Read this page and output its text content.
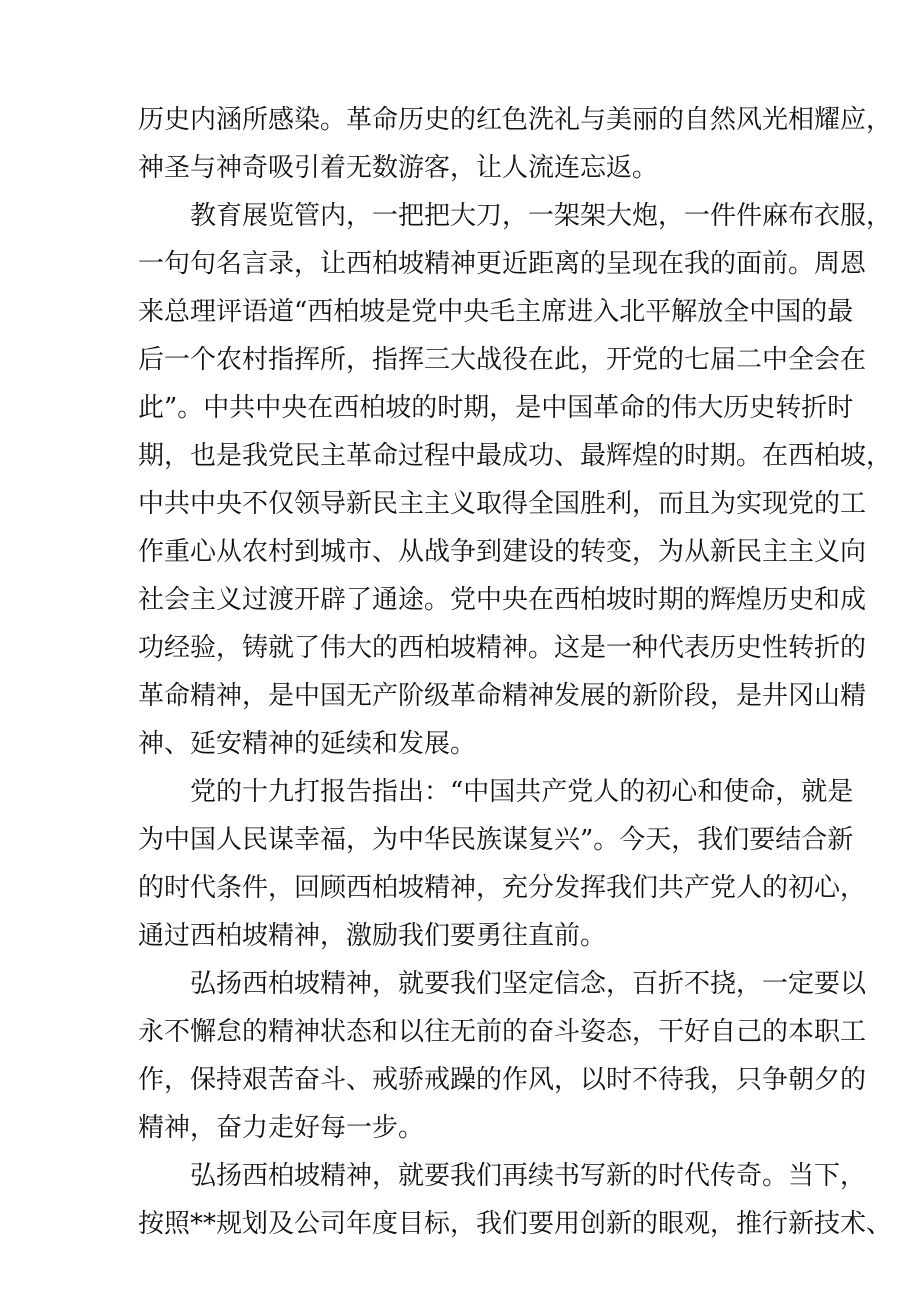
历史内涵所感染。革命历史的红色洗礼与美丽的自然风光相耀应，
神圣与神奇吸引着无数游客，让人流连忘返。

教育展览管内，一把把大刀，一架架大炮，一件件麻布衣服，
一句句名言录，让西柏坡精神更近距离的呈现在我的面前。周恩
来总理评语道“西柏坡是党中央毛主席进入北平解放全中国的最
后一个农村指挥所，指挥三大战役在此，开党的七届二中全会在
此”。中共中央在西柏坡的时期，是中国革命的伟大历史转折时
期，也是我党民主革命过程中最成功、最辉煌的时期。在西柏坡，
中共中央不仅领导新民主主义取得全国胜利，而且为实现党的工
作重心从农村到城市、从战争到建设的转变，为从新民主主义向
社会主义过渡开辟了通途。党中央在西柏坡时期的辉煌历史和成
功经验，铸就了伟大的西柏坡精神。这是一种代表历史性转折的
革命精神，是中国无产阶级革命精神发展的新阶段，是井冈山精
神、延安精神的延续和发展。

党的十九打报告指出：“中国共产党人的初心和使命，就是
为中国人民谋幸福，为中华民族谋复兴”。今天，我们要结合新
的时代条件，回顾西柏坡精神，充分发挥我们共产党人的初心，
通过西柏坡精神，激励我们要勇往直前。

弘扬西柏坡精神，就要我们坚定信念，百折不挠，一定要以
永不懈怠的精神状态和以往无前的奋斗姿态，干好自己的本职工
作，保持艰苦奋斗、戒骄戒躁的作风，以时不待我，只争朝夕的
精神，奋力走好每一步。

弘扬西柏坡精神，就要我们再续书写新的时代传奇。当下，
按照**规划及公司年度目标，我们要用创新的眼观，推行新技术、
